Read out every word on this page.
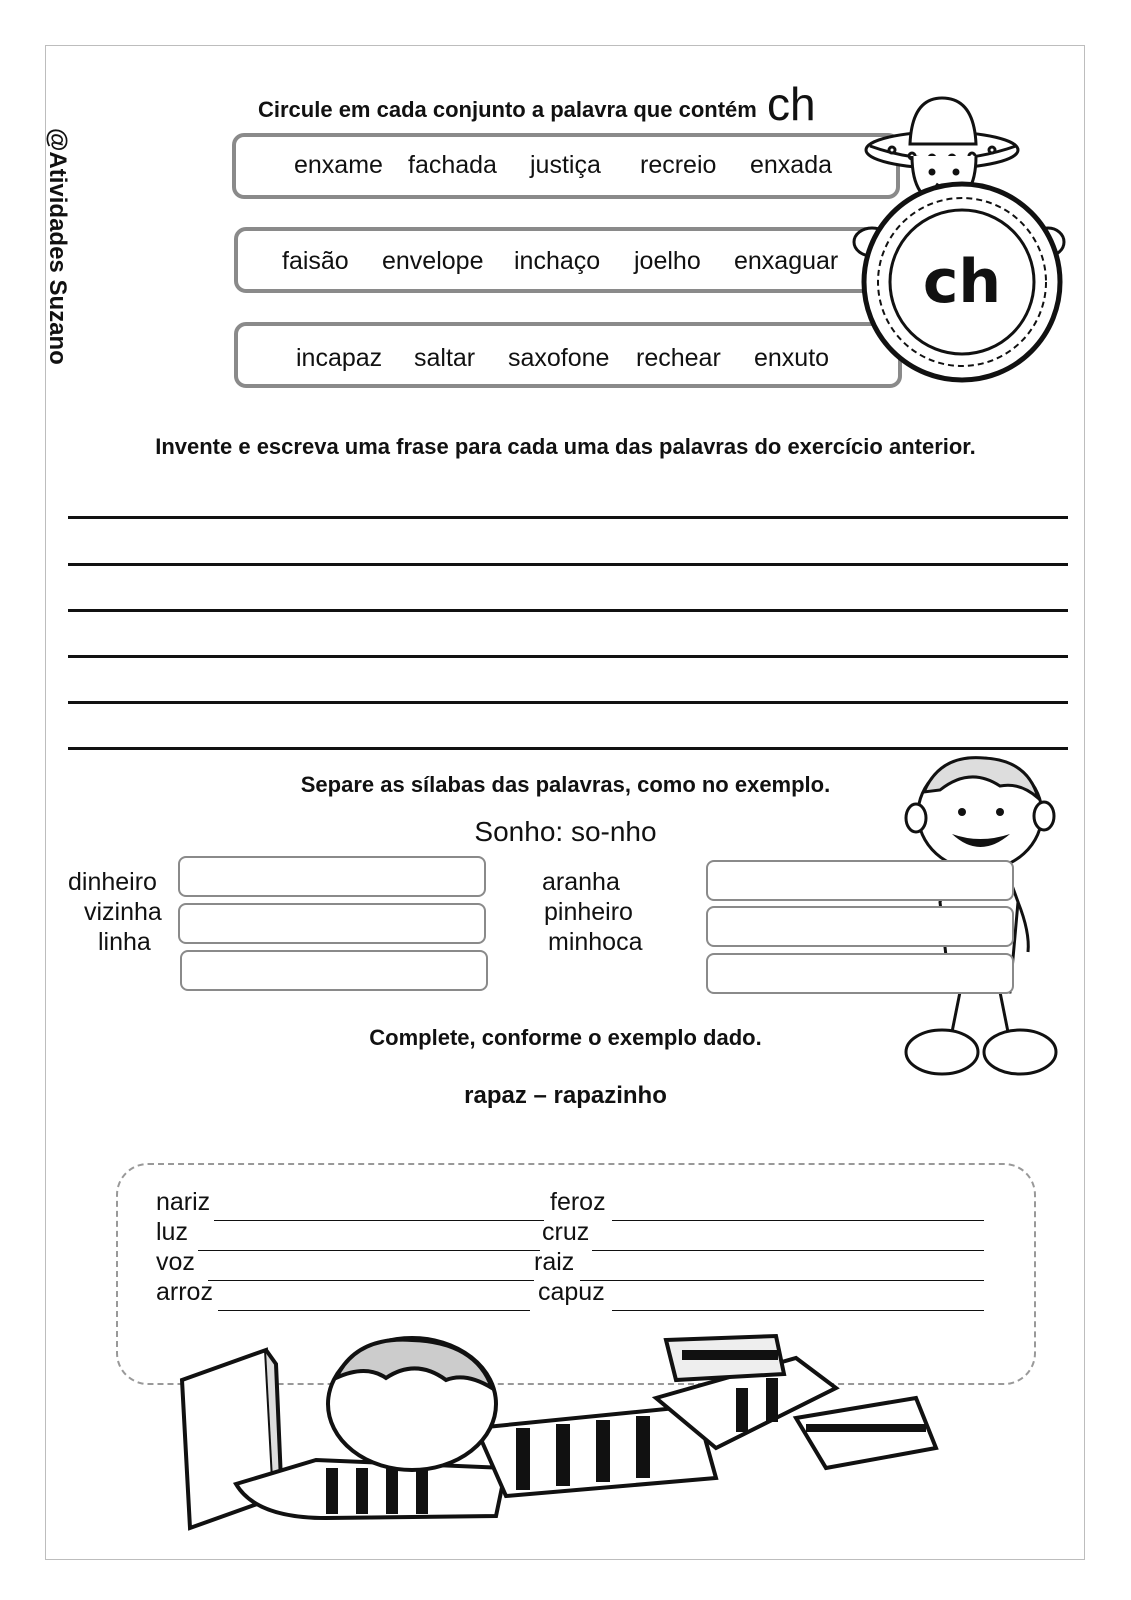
@Atividades Suzano
Circule em cada conjunto a palavra que contém ch
enxame fachada justiça recreio enxada
faisão envelope inchaço joelho enxaguar
incapaz saltar saxofone rechear enxuto
ch
Invente e escreva uma frase para cada uma das palavras do exercício anterior.
Separe as sílabas das palavras, como no exemplo.
Sonho: so-nho
dinheiro
vizinha
linha
aranha
pinheiro
minhoca
Complete, conforme o exemplo dado.
rapaz – rapazinho
nariz
luz
voz
arroz
feroz
cruz
raiz
capuz
